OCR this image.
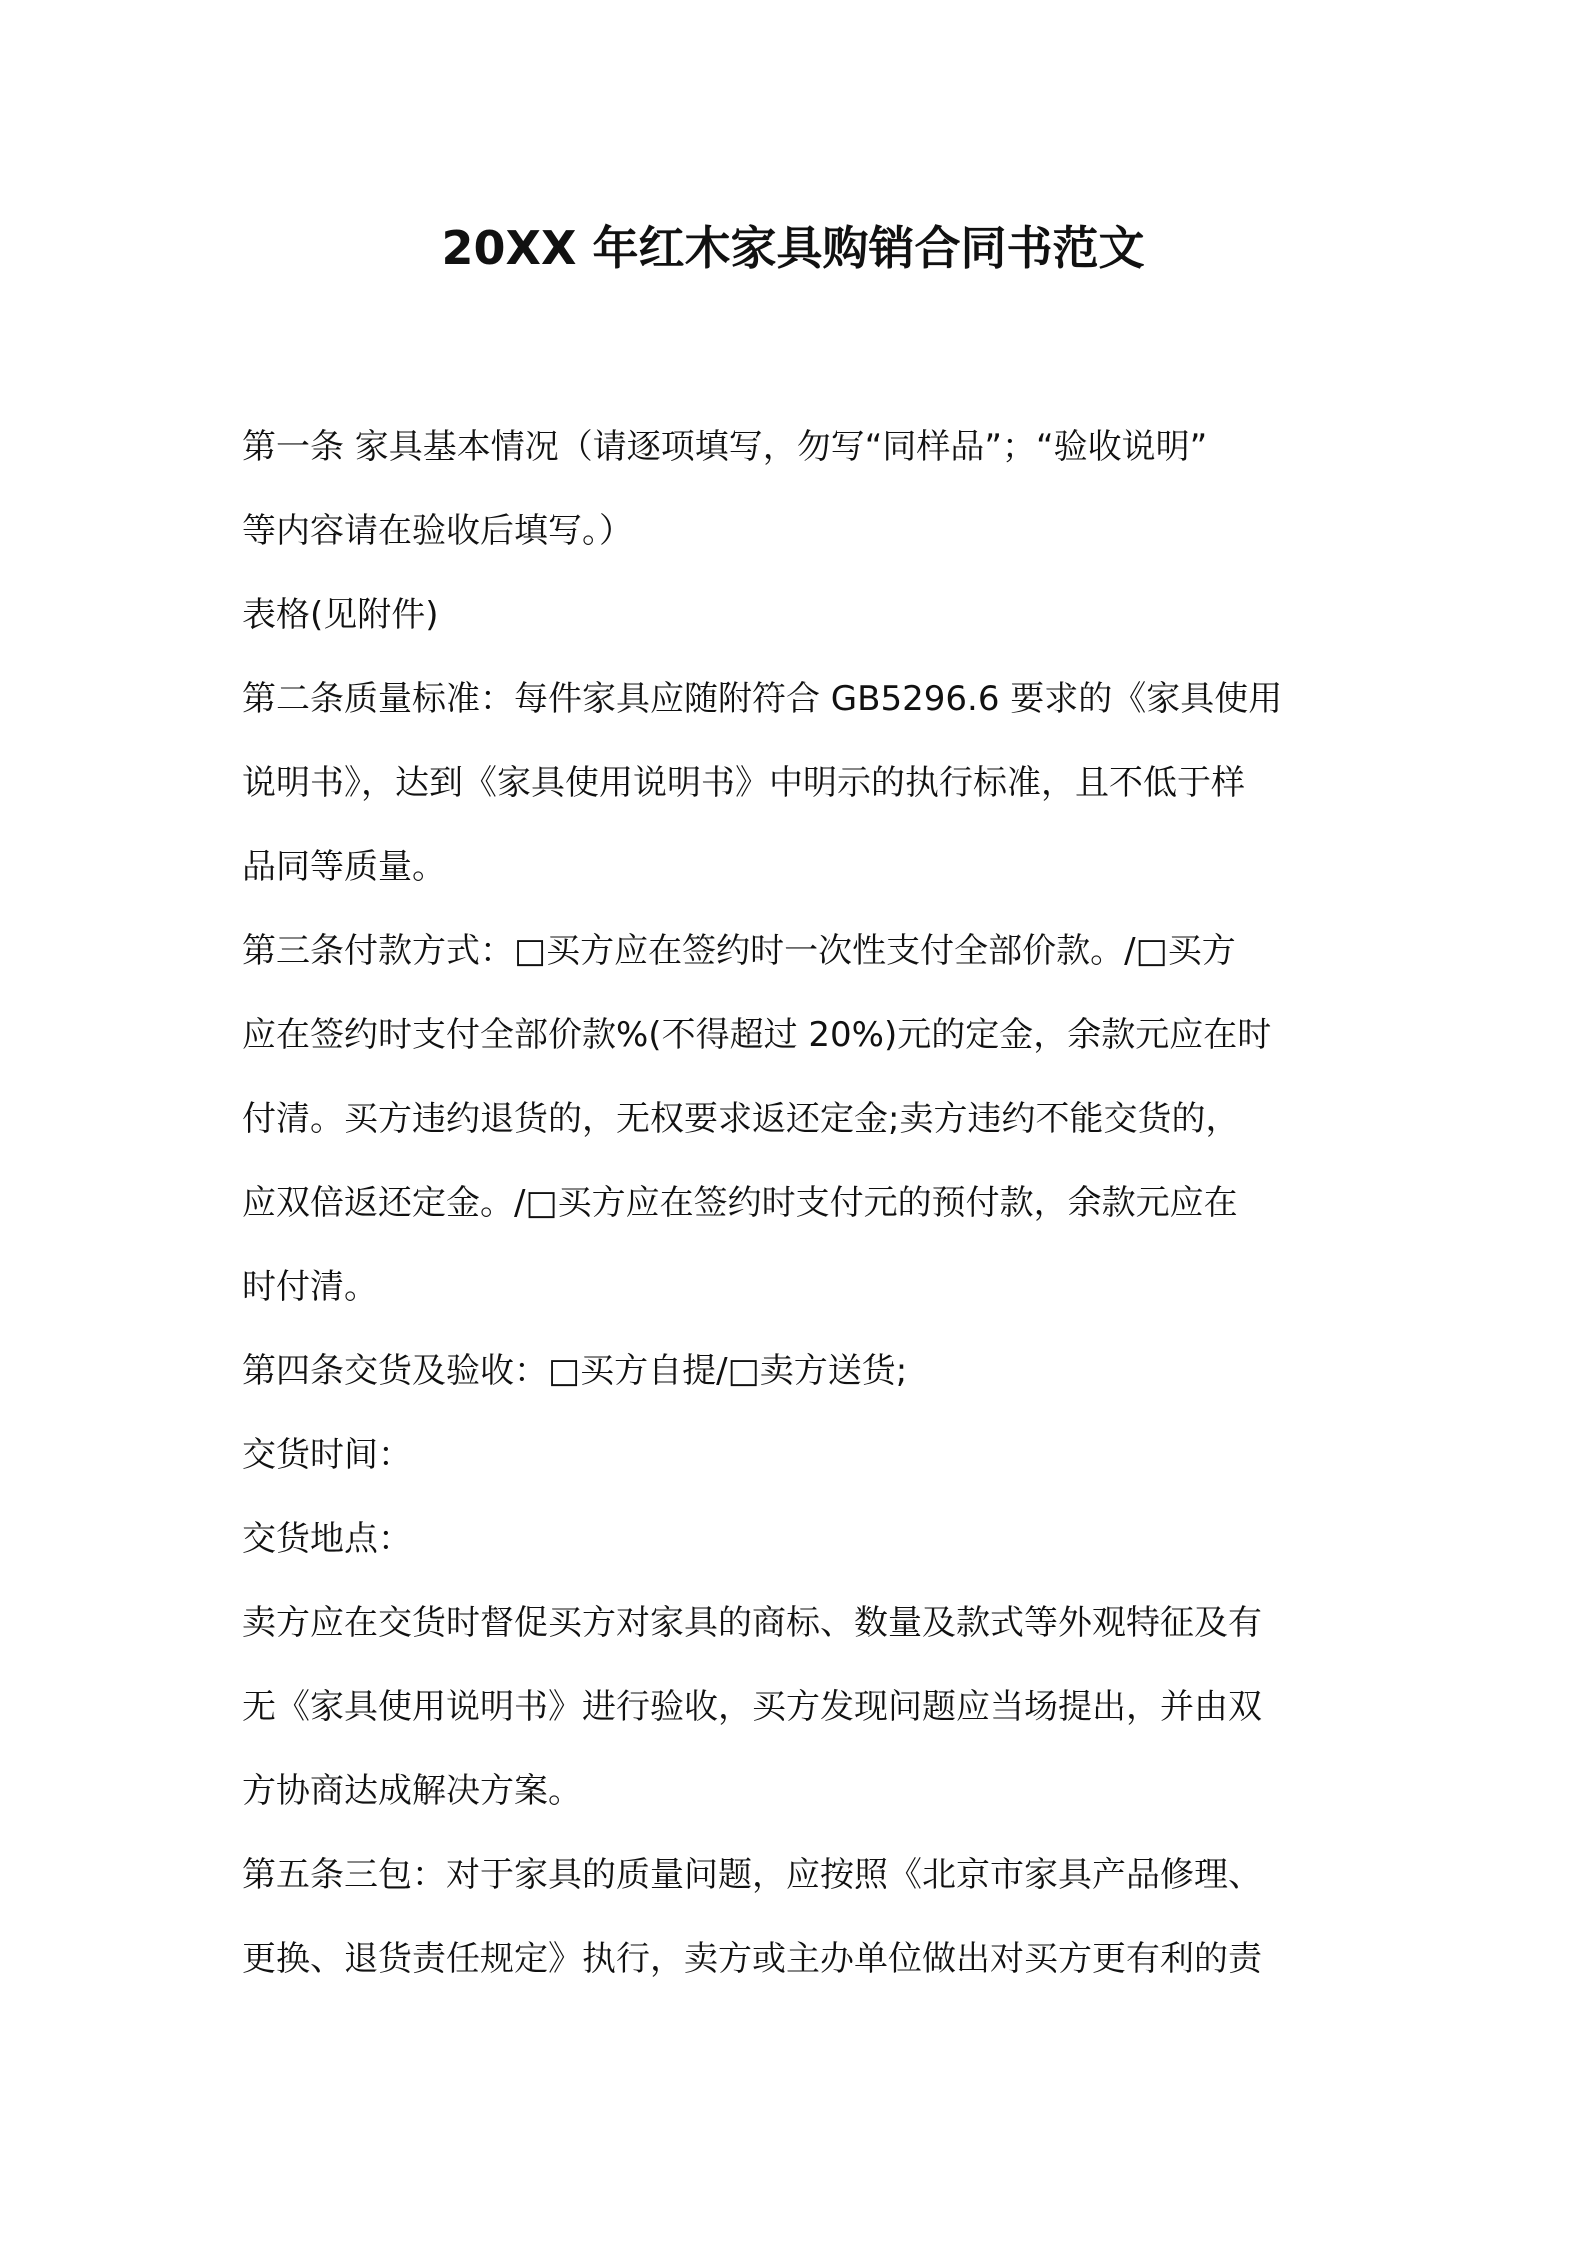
20XX 年红木家具购销合同书范文

第一条 家具基本情况（请逐项填写，勿写“同样品”；“验收说明”

等内容请在验收后填写。）

表格(见附件)

第二条质量标准：每件家具应随附符合 GB5296.6 要求的《家具使用

说明书》，达到《家具使用说明书》中明示的执行标准，且不低于样

品同等质量。

第三条付款方式：□买方应在签约时一次性支付全部价款。/□买方

应在签约时支付全部价款%(不得超过 20%)元的定金，余款元应在时

付清。买方违约退货的，无权要求返还定金;卖方违约不能交货的，

应双倍返还定金。/□买方应在签约时支付元的预付款，余款元应在

时付清。

第四条交货及验收：□买方自提/□卖方送货;

交货时间：

交货地点：

卖方应在交货时督促买方对家具的商标、数量及款式等外观特征及有

无《家具使用说明书》进行验收，买方发现问题应当场提出，并由双

方协商达成解决方案。

第五条三包：对于家具的质量问题，应按照《北京市家具产品修理、

更换、退货责任规定》执行，卖方或主办单位做出对买方更有利的责
